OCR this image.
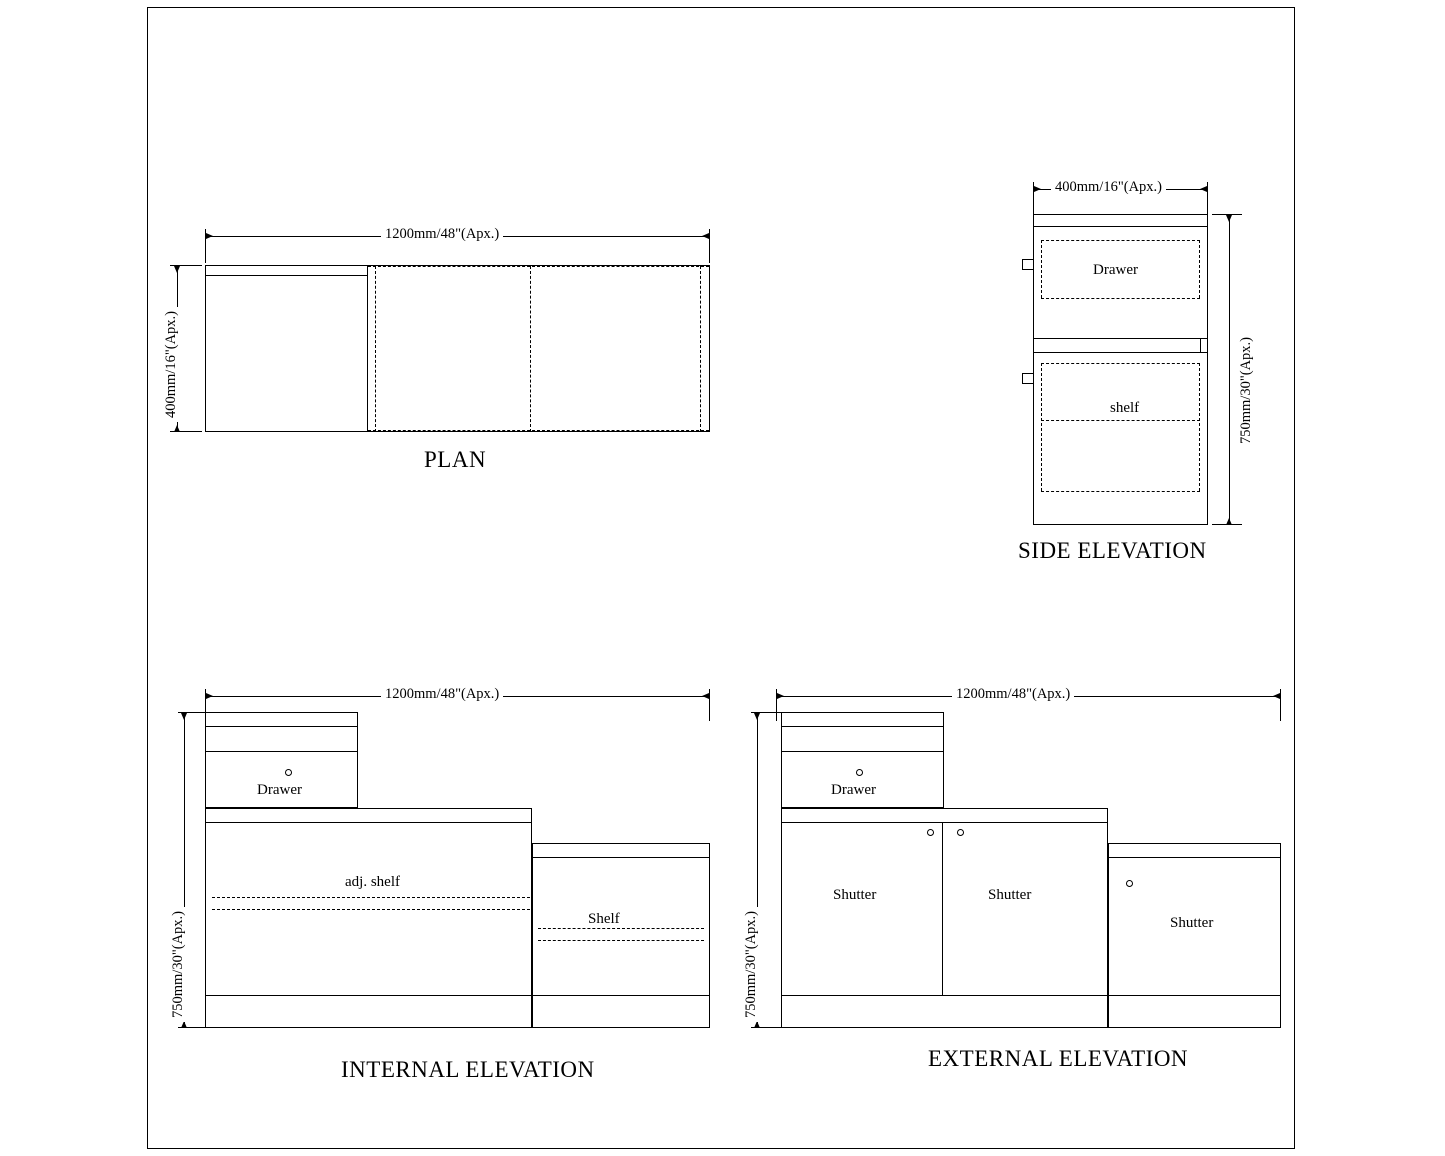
1200mm/48"(Apx.)
400mm/16"(Apx.)
PLAN
400mm/16"(Apx.)
750mm/30"(Apx.)
Drawer
shelf
SIDE ELEVATION
1200mm/48"(Apx.)
750mm/30"(Apx.)
Drawer
adj. shelf
Shelf
INTERNAL ELEVATION
1200mm/48"(Apx.)
750mm/30"(Apx.)
Drawer
Shutter	Shutter
Shutter
EXTERNAL ELEVATION
